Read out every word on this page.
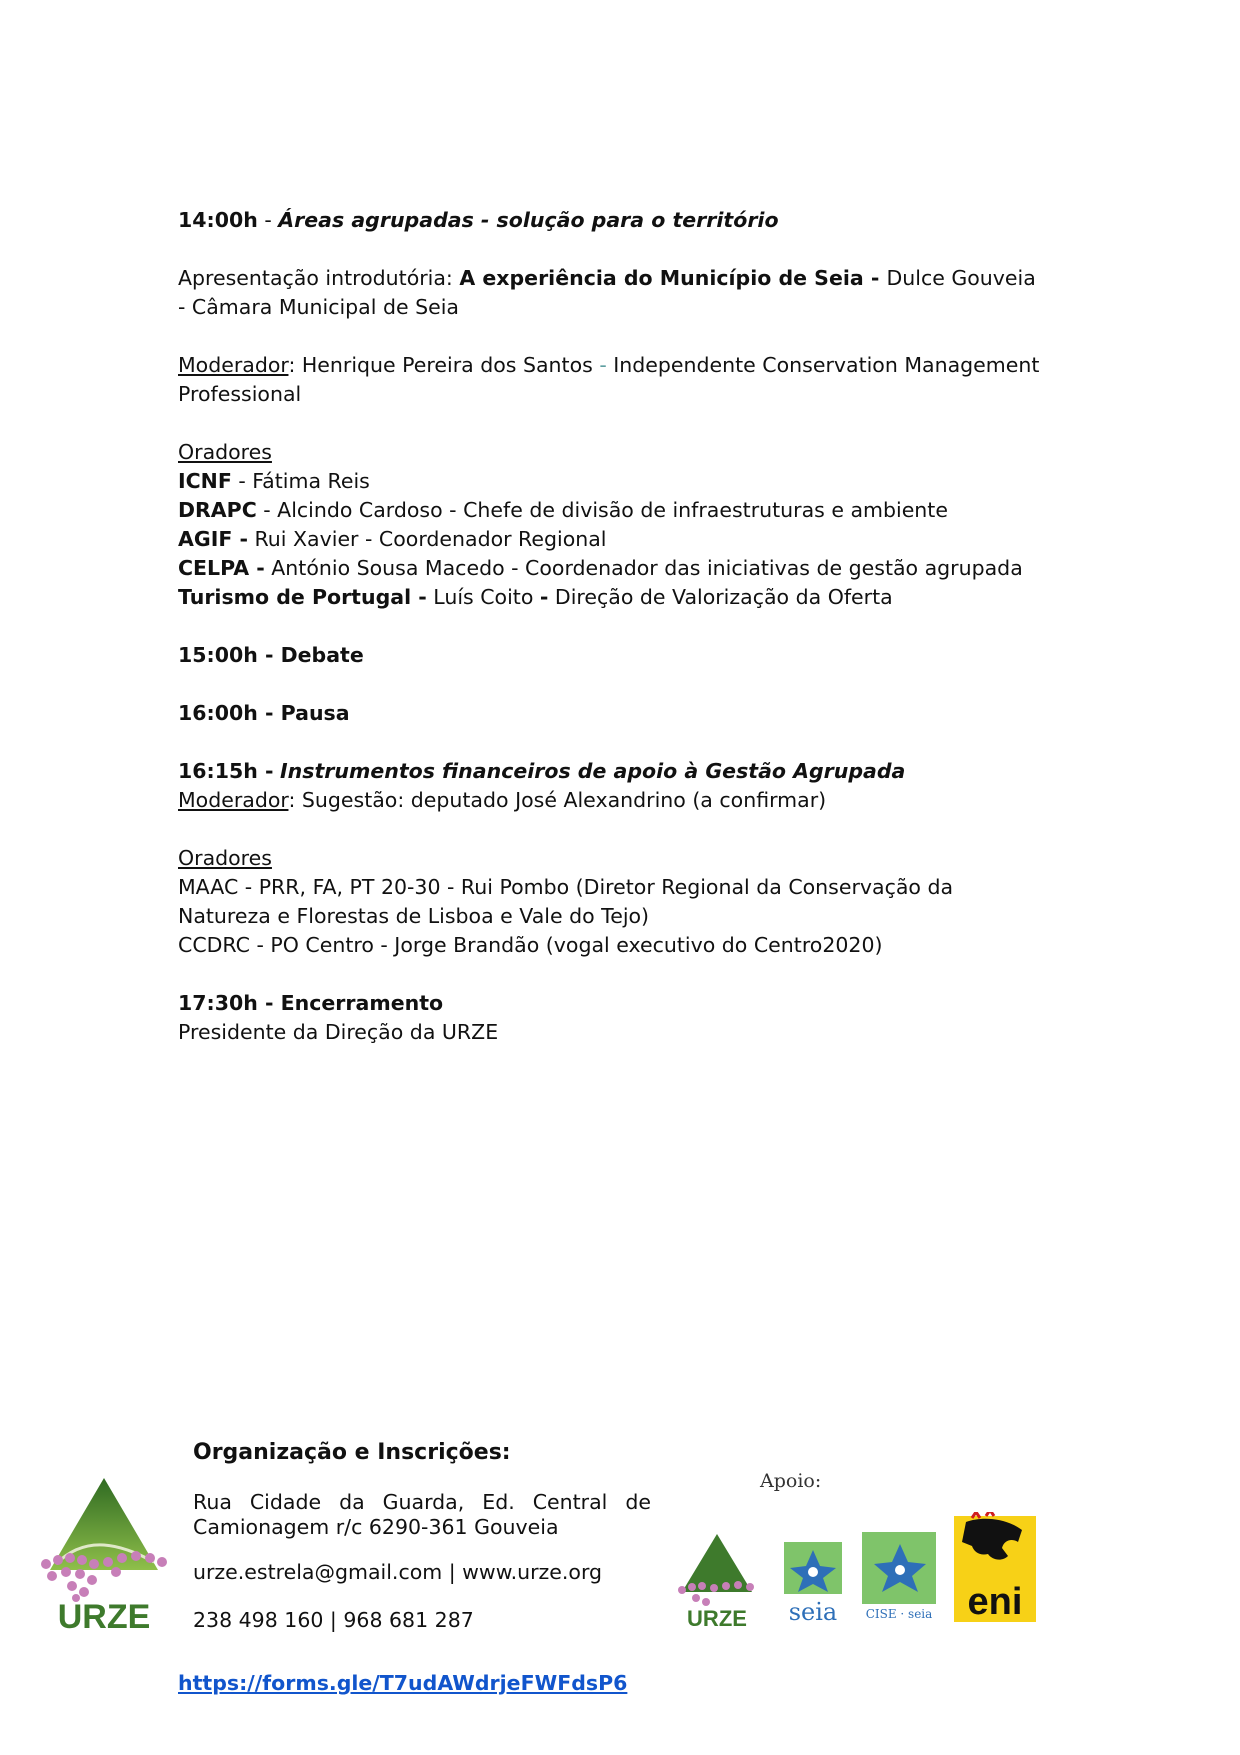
14:00h - Áreas agrupadas - solução para o território

Apresentação introdutória: A experiência do Município de Seia - Dulce Gouveia

- Câmara Municipal de Seia

Moderador: Henrique Pereira dos Santos - Independente Conservation Management

Professional

Oradores

ICNF - Fátima Reis

DRAPC - Alcindo Cardoso - Chefe de divisão de infraestruturas e ambiente

AGIF - Rui Xavier - Coordenador Regional

CELPA - António Sousa Macedo - Coordenador das iniciativas de gestão agrupada

Turismo de Portugal - Luís Coito - Direção de Valorização da Oferta

15:00h - Debate

16:00h - Pausa

16:15h - Instrumentos financeiros de apoio à Gestão Agrupada

Moderador: Sugestão: deputado José Alexandrino (a confirmar)

Oradores

MAAC - PRR, FA, PT 20-30 - Rui Pombo (Diretor Regional da Conservação da

Natureza e Florestas de Lisboa e Vale do Tejo)

CCDRC - PO Centro - Jorge Brandão (vogal executivo do Centro2020)

17:30h - Encerramento

Presidente da Direção da URZE

URZE

Organização e Inscrições:

Rua Cidade da Guarda, Ed. Central de Camionagem r/c 6290-361 Gouveia

urze.estrela@gmail.com | www.urze.org

238 498 160 | 968 681 287

https://forms.gle/T7udAWdrjeFWFdsP6

Apoio:

URZE seia CISE · seia eni
